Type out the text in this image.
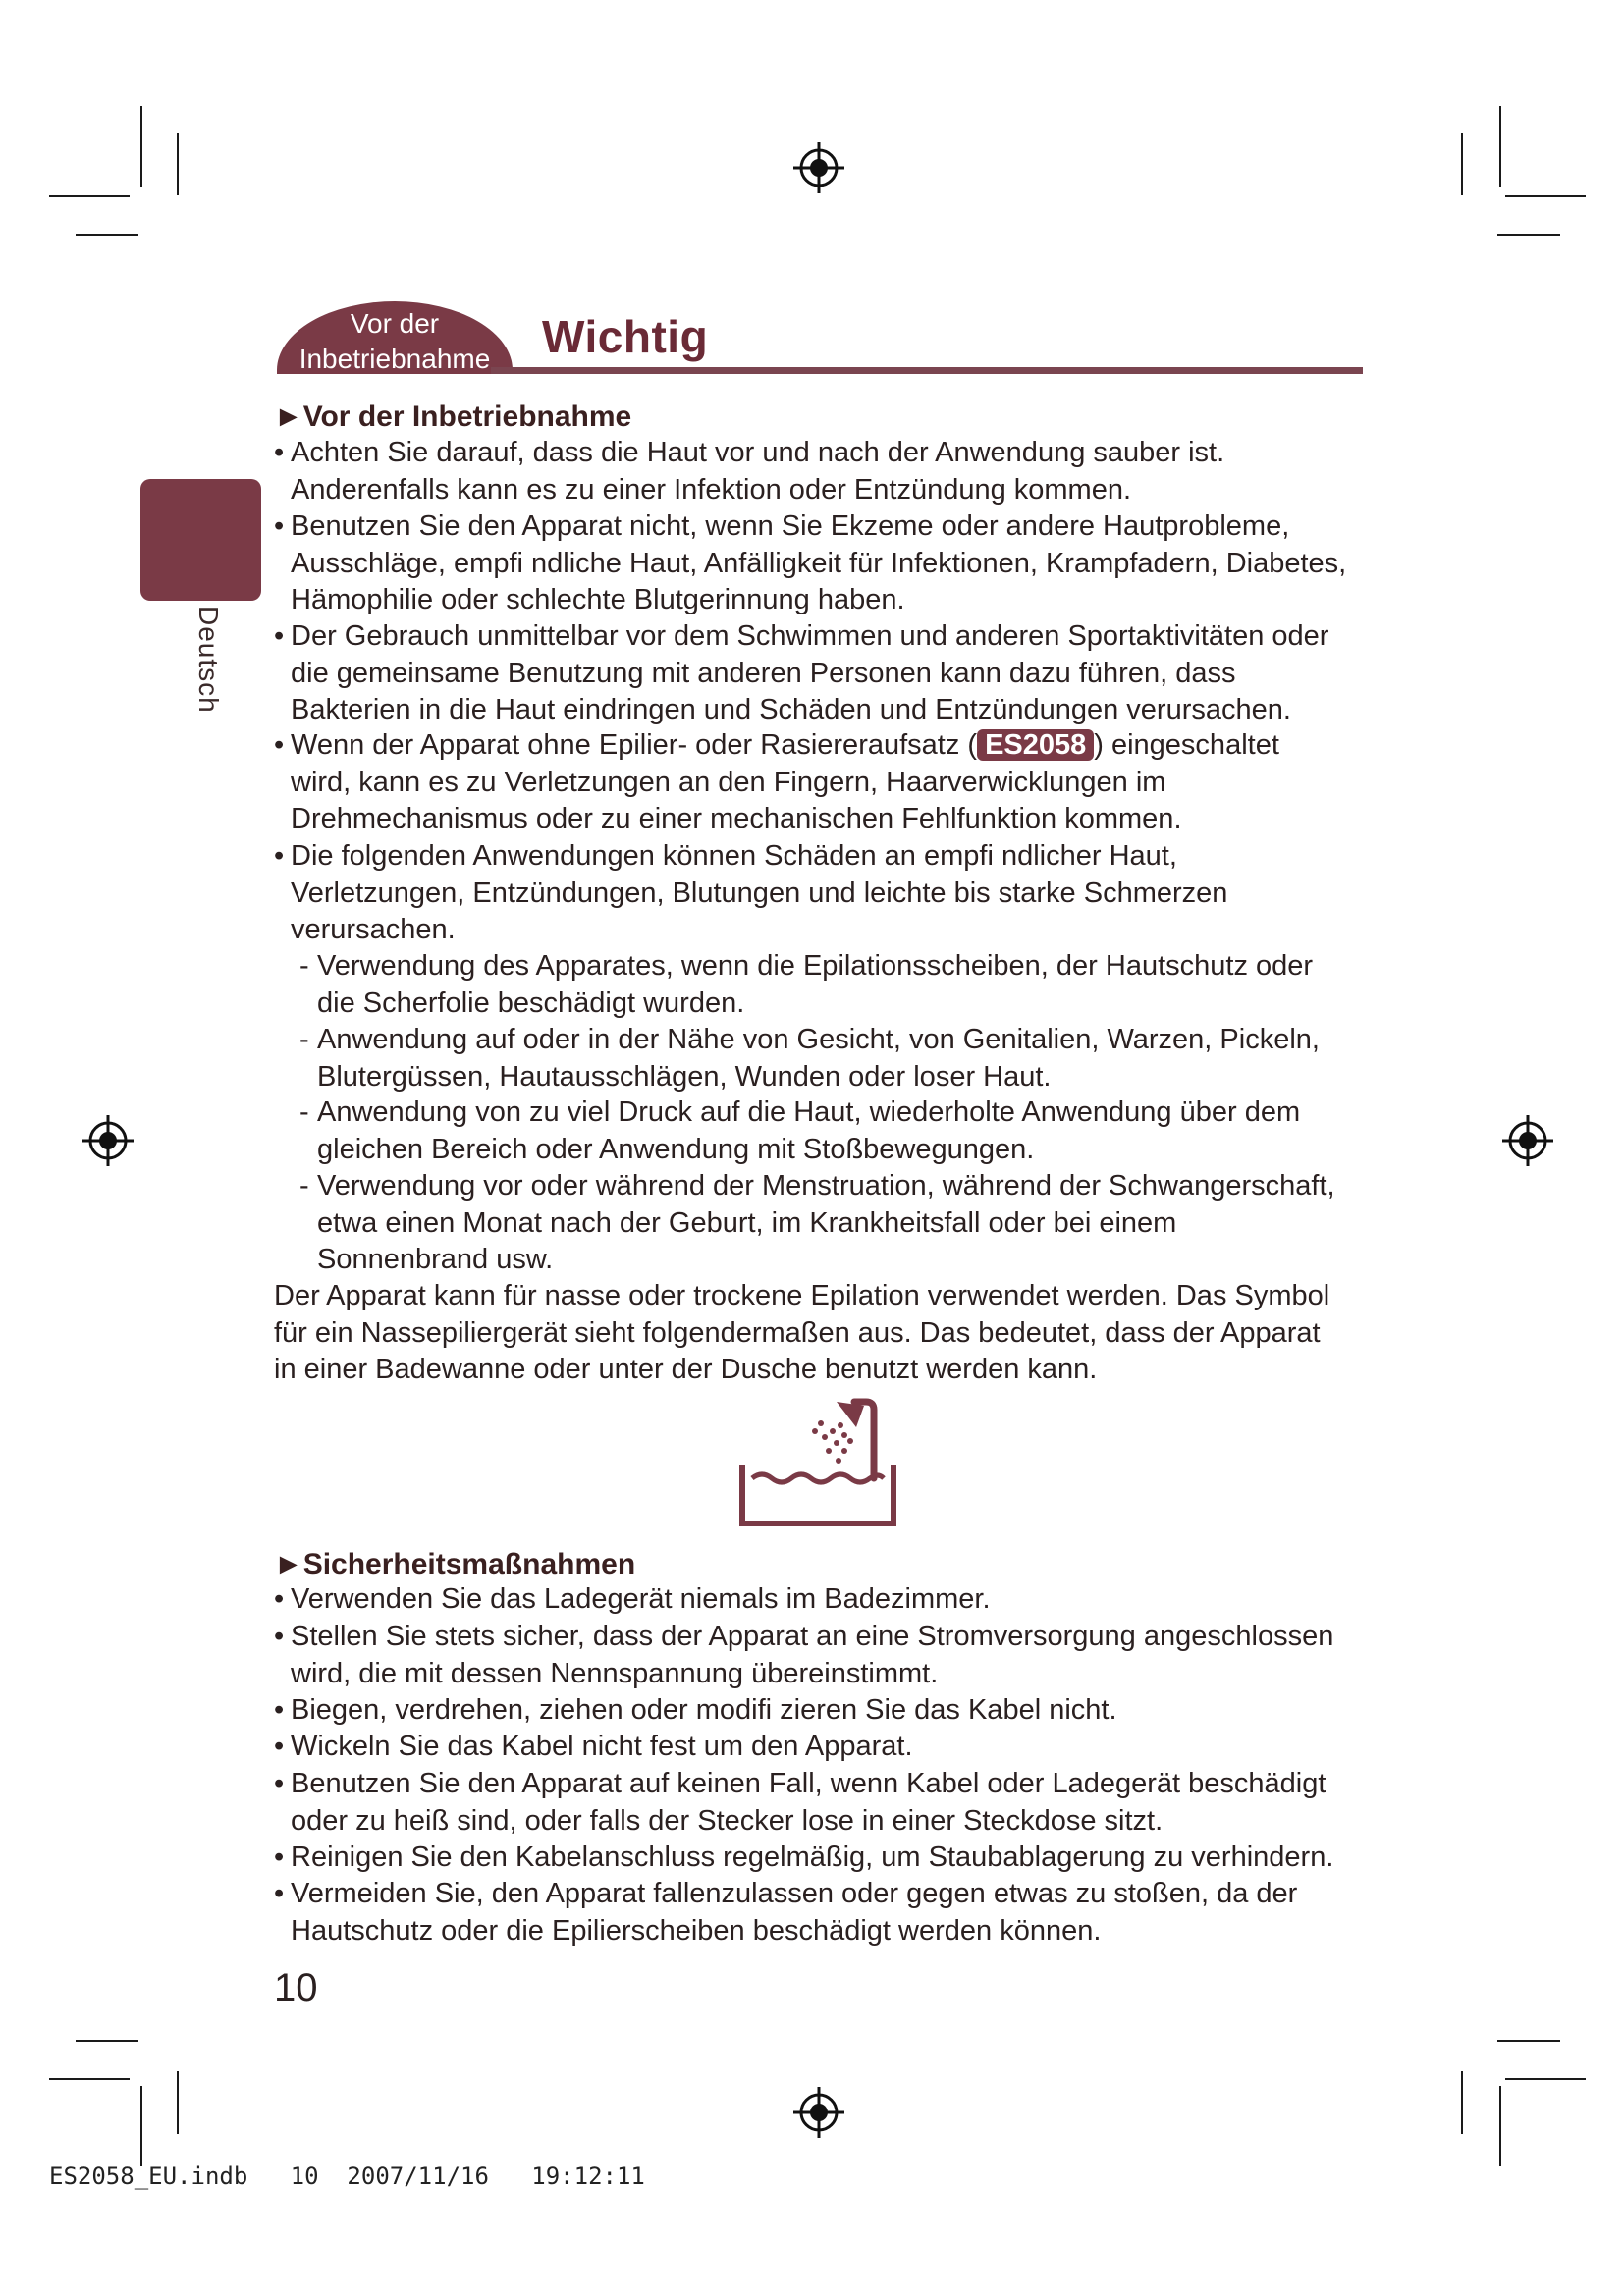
Vor der
Inbetriebnahme	Wichtig
Deutsch
►Vor der Inbetriebnahme
• Achten Sie darauf, dass die Haut vor und nach der Anwendung sauber ist.
Anderenfalls kann es zu einer Infektion oder Entzündung kommen.
• Benutzen Sie den Apparat nicht, wenn Sie Ekzeme oder andere Hautprobleme,
Ausschläge, empfi ndliche Haut, Anfälligkeit für Infektionen, Krampfadern, Diabetes,
Hämophilie oder schlechte Blutgerinnung haben.
• Der Gebrauch unmittelbar vor dem Schwimmen und anderen Sportaktivitäten oder
die gemeinsame Benutzung mit anderen Personen kann dazu führen, dass
Bakterien in die Haut eindringen und Schäden und Entzündungen verursachen.
• Wenn der Apparat ohne Epilier- oder Rasiereraufsatz ( ES2058 ) eingeschaltet
wird, kann es zu Verletzungen an den Fingern, Haarverwicklungen im
Drehmechanismus oder zu einer mechanischen Fehlfunktion kommen.
• Die folgenden Anwendungen können Schäden an empfi ndlicher Haut,
Verletzungen, Entzündungen, Blutungen und leichte bis starke Schmerzen
verursachen.
- Verwendung des Apparates, wenn die Epilationsscheiben, der Hautschutz oder
die Scherfolie beschädigt wurden.
- Anwendung auf oder in der Nähe von Gesicht, von Genitalien, Warzen, Pickeln,
Blutergüssen, Hautausschlägen, Wunden oder loser Haut.
- Anwendung von zu viel Druck auf die Haut, wiederholte Anwendung über dem
gleichen Bereich oder Anwendung mit Stoßbewegungen.
- Verwendung vor oder während der Menstruation, während der Schwangerschaft,
etwa einen Monat nach der Geburt, im Krankheitsfall oder bei einem
Sonnenbrand usw.
Der Apparat kann für nasse oder trockene Epilation verwendet werden. Das Symbol
für ein Nassepiliergerät sieht folgendermaßen aus. Das bedeutet, dass der Apparat
in einer Badewanne oder unter der Dusche benutzt werden kann.
►Sicherheitsmaßnahmen
• Verwenden Sie das Ladegerät niemals im Badezimmer.
• Stellen Sie stets sicher, dass der Apparat an eine Stromversorgung angeschlossen
wird, die mit dessen Nennspannung übereinstimmt.
• Biegen, verdrehen, ziehen oder modifi zieren Sie das Kabel nicht.
• Wickeln Sie das Kabel nicht fest um den Apparat.
• Benutzen Sie den Apparat auf keinen Fall, wenn Kabel oder Ladegerät beschädigt
oder zu heiß sind, oder falls der Stecker lose in einer Steckdose sitzt.
• Reinigen Sie den Kabelanschluss regelmäßig, um Staubablagerung zu verhindern.
• Vermeiden Sie, den Apparat fallenzulassen oder gegen etwas zu stoßen, da der
Hautschutz oder die Epilierscheiben beschädigt werden können.
10
ES2058_EU.indb   10  2007/11/16   19:12:11
